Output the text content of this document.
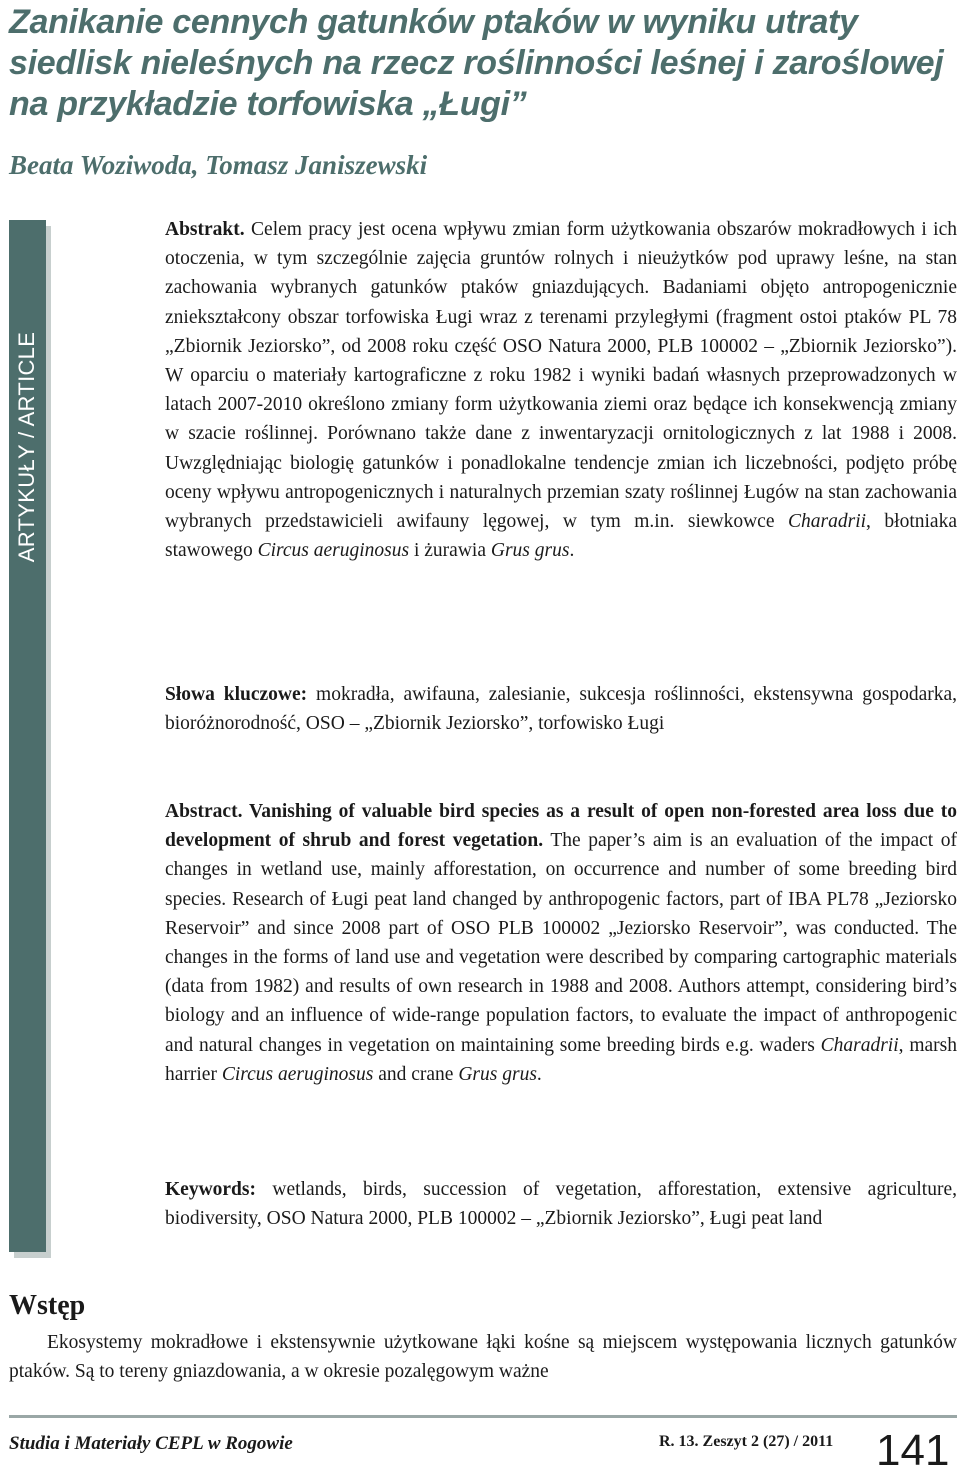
Zanikanie cennych gatunków ptaków w wyniku utraty siedlisk nieleśnych na rzecz roślinności leśnej i zaroślowej na przykładzie torfowiska „Ługi”
Beata Woziwoda, Tomasz Janiszewski
ARTYKUŁY / ARTICLE

Abstrakt. Celem pracy jest ocena wpływu zmian form użytkowania obszarów mokradłowych i ich otoczenia, w tym szczególnie zajęcia gruntów rolnych i nieużytków pod uprawy leśne, na stan zachowania wybranych gatunków ptaków gniazdujących. Badaniami objęto antropogenicznie zniekształcony obszar torfowiska Ługi wraz z terenami przyległymi (fragment ostoi ptaków PL 78 „Zbiornik Jeziorsko”, od 2008 roku część OSO Natura 2000, PLB 100002 – „Zbiornik Jeziorsko”). W oparciu o materiały kartograficzne z roku 1982 i wyniki badań własnych przeprowadzonych w latach 2007-2010 określono zmiany form użytkowania ziemi oraz będące ich konsekwencją zmiany w szacie roślinnej. Porównano także dane z inwentaryzacji ornitologicznych z lat 1988 i 2008. Uwzględniając biologię gatunków i ponadlokalne tendencje zmian ich liczebności, podjęto próbę oceny wpływu antropogenicznych i naturalnych przemian szaty roślinnej Ługów na stan zachowania wybranych przedstawicieli awifauny lęgowej, w tym m.in. siewkowce Charadrii, błotniaka stawowego Circus aeruginosus i żurawia Grus grus.

Słowa kluczowe: mokradła, awifauna, zalesianie, sukcesja roślinności, ekstensywna gospodarka, bioróżnorodność, OSO – „Zbiornik Jeziorsko”, torfowisko Ługi

Abstract. Vanishing of valuable bird species as a result of open non-forested area loss due to development of shrub and forest vegetation. The paper’s aim is an evaluation of the impact of changes in wetland use, mainly afforestation, on occurrence and number of some breeding bird species. Research of Ługi peat land changed by anthropogenic factors, part of IBA PL78 „Jeziorsko Reservoir” and since 2008 part of OSO PLB 100002 „Jeziorsko Reservoir”, was conducted. The changes in the forms of land use and vegetation were described by comparing cartographic materials (data from 1982) and results of own research in 1988 and 2008. Authors attempt, considering bird’s biology and an influence of wide-range population factors, to evaluate the impact of anthropogenic and natural changes in vegetation on maintaining some breeding birds e.g. waders Charadrii, marsh harrier Circus aeruginosus and crane Grus grus.

Keywords: wetlands, birds, succession of vegetation, afforestation, extensive agriculture, biodiversity, OSO Natura 2000, PLB 100002 – „Zbiornik Jeziorsko”, Ługi peat land

Wstęp

Ekosystemy mokradłowe i ekstensywnie użytkowane łąki kośne są miejscem występowania licznych gatunków ptaków. Są to tereny gniazdowania, a w okresie pozalęgowym ważne

Studia i Materiały CEPL w Rogowie	R. 13. Zeszyt 2 (27) / 2011 141
